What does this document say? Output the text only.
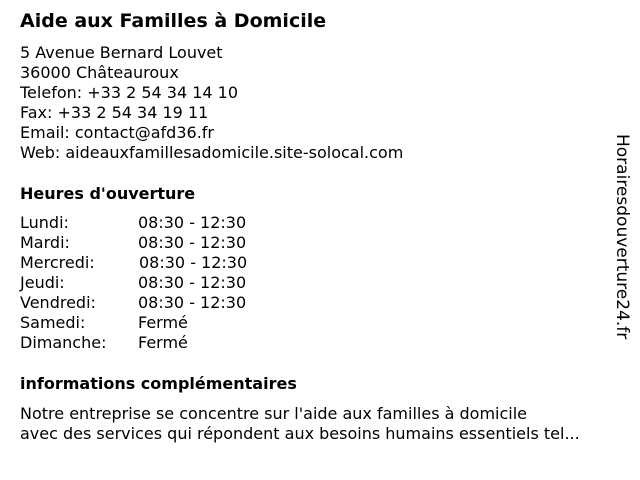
Aide aux Familles à Domicile
5 Avenue Bernard Louvet
36000 Châteauroux
Telefon: +33 2 54 34 14 10
Fax: +33 2 54 34 19 11
Email: contact@afd36.fr
Web: aideauxfamillesadomicile.site-solocal.com
Heures d'ouverture
Lundi:	08:30 - 12:30
Mardi:	08:30 - 12:30
Mercredi:	08:30 - 12:30
Jeudi:	08:30 - 12:30
Vendredi:	08:30 - 12:30
Samedi:	Fermé
Dimanche: Fermé
informations complémentaires
Notre entreprise se concentre sur l'aide aux familles à domicile
avec des services qui répondent aux besoins humains essentiels tel...
Horairesdouverture24.fr
